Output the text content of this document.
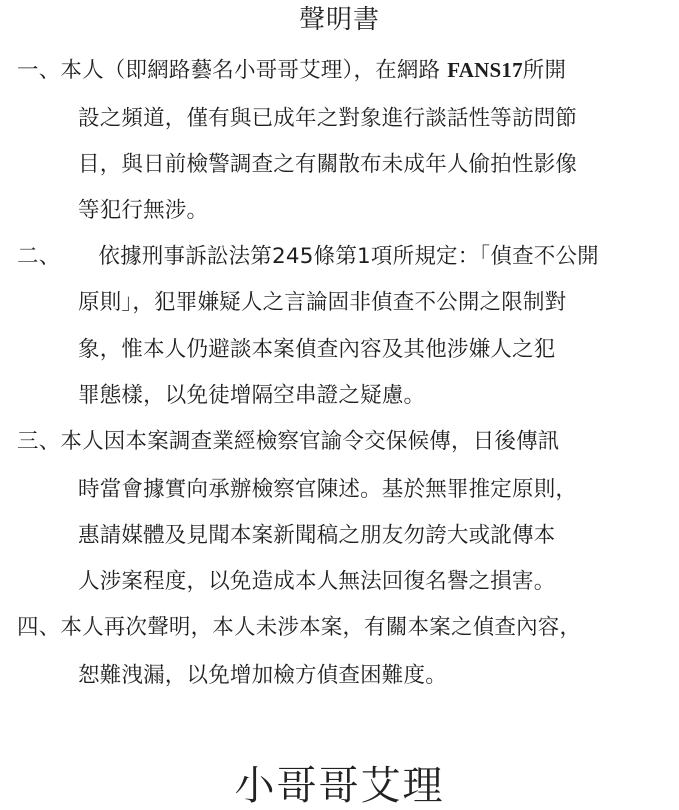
聲明書
一、本人（即網路藝名小哥哥艾理），在網路 FANS17所開
設之頻道，僅有與已成年之對象進行談話性等訪問節
目，與日前檢警調查之有關散布未成年人偷拍性影像
等犯行無涉。
二、 依據刑事訴訟法第245條第1項所規定：「偵查不公開
原則」，犯罪嫌疑人之言論固非偵查不公開之限制對
象，惟本人仍避談本案偵查內容及其他涉嫌人之犯
罪態樣，以免徒增隔空串證之疑慮。
三、本人因本案調查業經檢察官諭令交保候傳，日後傳訊
時當會據實向承辦檢察官陳述。基於無罪推定原則，
惠請媒體及見聞本案新聞稿之朋友勿誇大或訛傳本
人涉案程度，以免造成本人無法回復名譽之損害。
四、本人再次聲明，本人未涉本案，有關本案之偵查內容，
恕難洩漏，以免增加檢方偵查困難度。
小哥哥艾理
